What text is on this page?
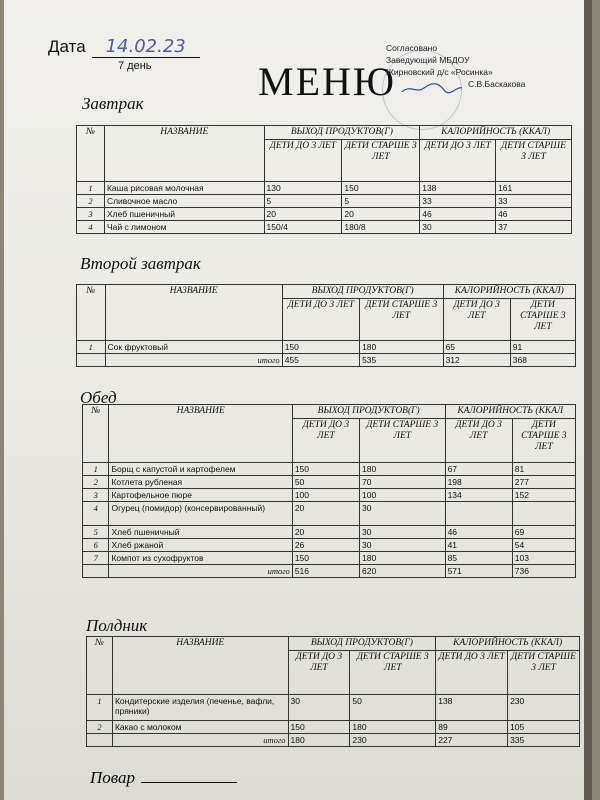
Дата 14.02.23
7 день	МЕНЮ
Согласовано
Заведующий МБДОУ
Жирновский д/с «Росинка»
С.В.Баскакова
Завтрак
№	НАЗВАНИЕ	ВЫХОД ПРОДУКТОВ(Г)		КАЛОРИЙНОСТЬ (ККАЛ)	
		ДЕТИ ДО 3 ЛЕТ	ДЕТИ СТАРШЕ 3 ЛЕТ	ДЕТИ ДО 3 ЛЕТ	ДЕТИ СТАРШЕ 3 ЛЕТ
1	Каша рисовая молочная	130	150	138	161
2	Сливочное масло	5	5	33	33
3	Хлеб пшеничный	20	20	46	46
4	Чай с лимоном	150/4	180/8	30	37
Второй завтрак
№	НАЗВАНИЕ	ВЫХОД ПРОДУКТОВ(Г)		КАЛОРИЙНОСТЬ (ККАЛ)	
		ДЕТИ ДО 3 ЛЕТ	ДЕТИ СТАРШЕ 3 ЛЕТ	ДЕТИ ДО 3 ЛЕТ	ДЕТИ СТАРШЕ 3 ЛЕТ
1	Сок фруктовый	150	180	65	91
	итого	455	535	312	368
Обед
№	НАЗВАНИЕ	ВЫХОД ПРОДУКТОВ(Г)		КАЛОРИЙНОСТЬ (ККАЛ	
		ДЕТИ ДО 3 ЛЕТ	ДЕТИ СТАРШЕ 3 ЛЕТ	ДЕТИ ДО 3 ЛЕТ	ДЕТИ СТАРШЕ 3 ЛЕТ
1	Борщ с капустой и картофелем	150	180	67	81
2	Котлета рубленая	50	70	198	277
3	Картофельное пюре	100	100	134	152
4	Огурец (помидор) (консервированный)	20	30		
5	Хлеб пшеничный	20	30	46	69
6	Хлеб ржаной	26	30	41	54
7	Компот из сухофруктов	150	180	85	103
	итого	516	620	571	736
Полдник
№	НАЗВАНИЕ	ВЫХОД ПРОДУКТОВ(Г)		КАЛОРИЙНОСТЬ (ККАЛ)	
		ДЕТИ ДО 3 ЛЕТ	ДЕТИ СТАРШЕ 3 ЛЕТ	ДЕТИ ДО 3 ЛЕТ	ДЕТИ СТАРШЕ 3 ЛЕТ
1	Кондитерские изделия (печенье, вафли, пряники)	30	50	138	230
2	Какао с молоком	150	180	89	105
	итого	180	230	227	335
Повар
